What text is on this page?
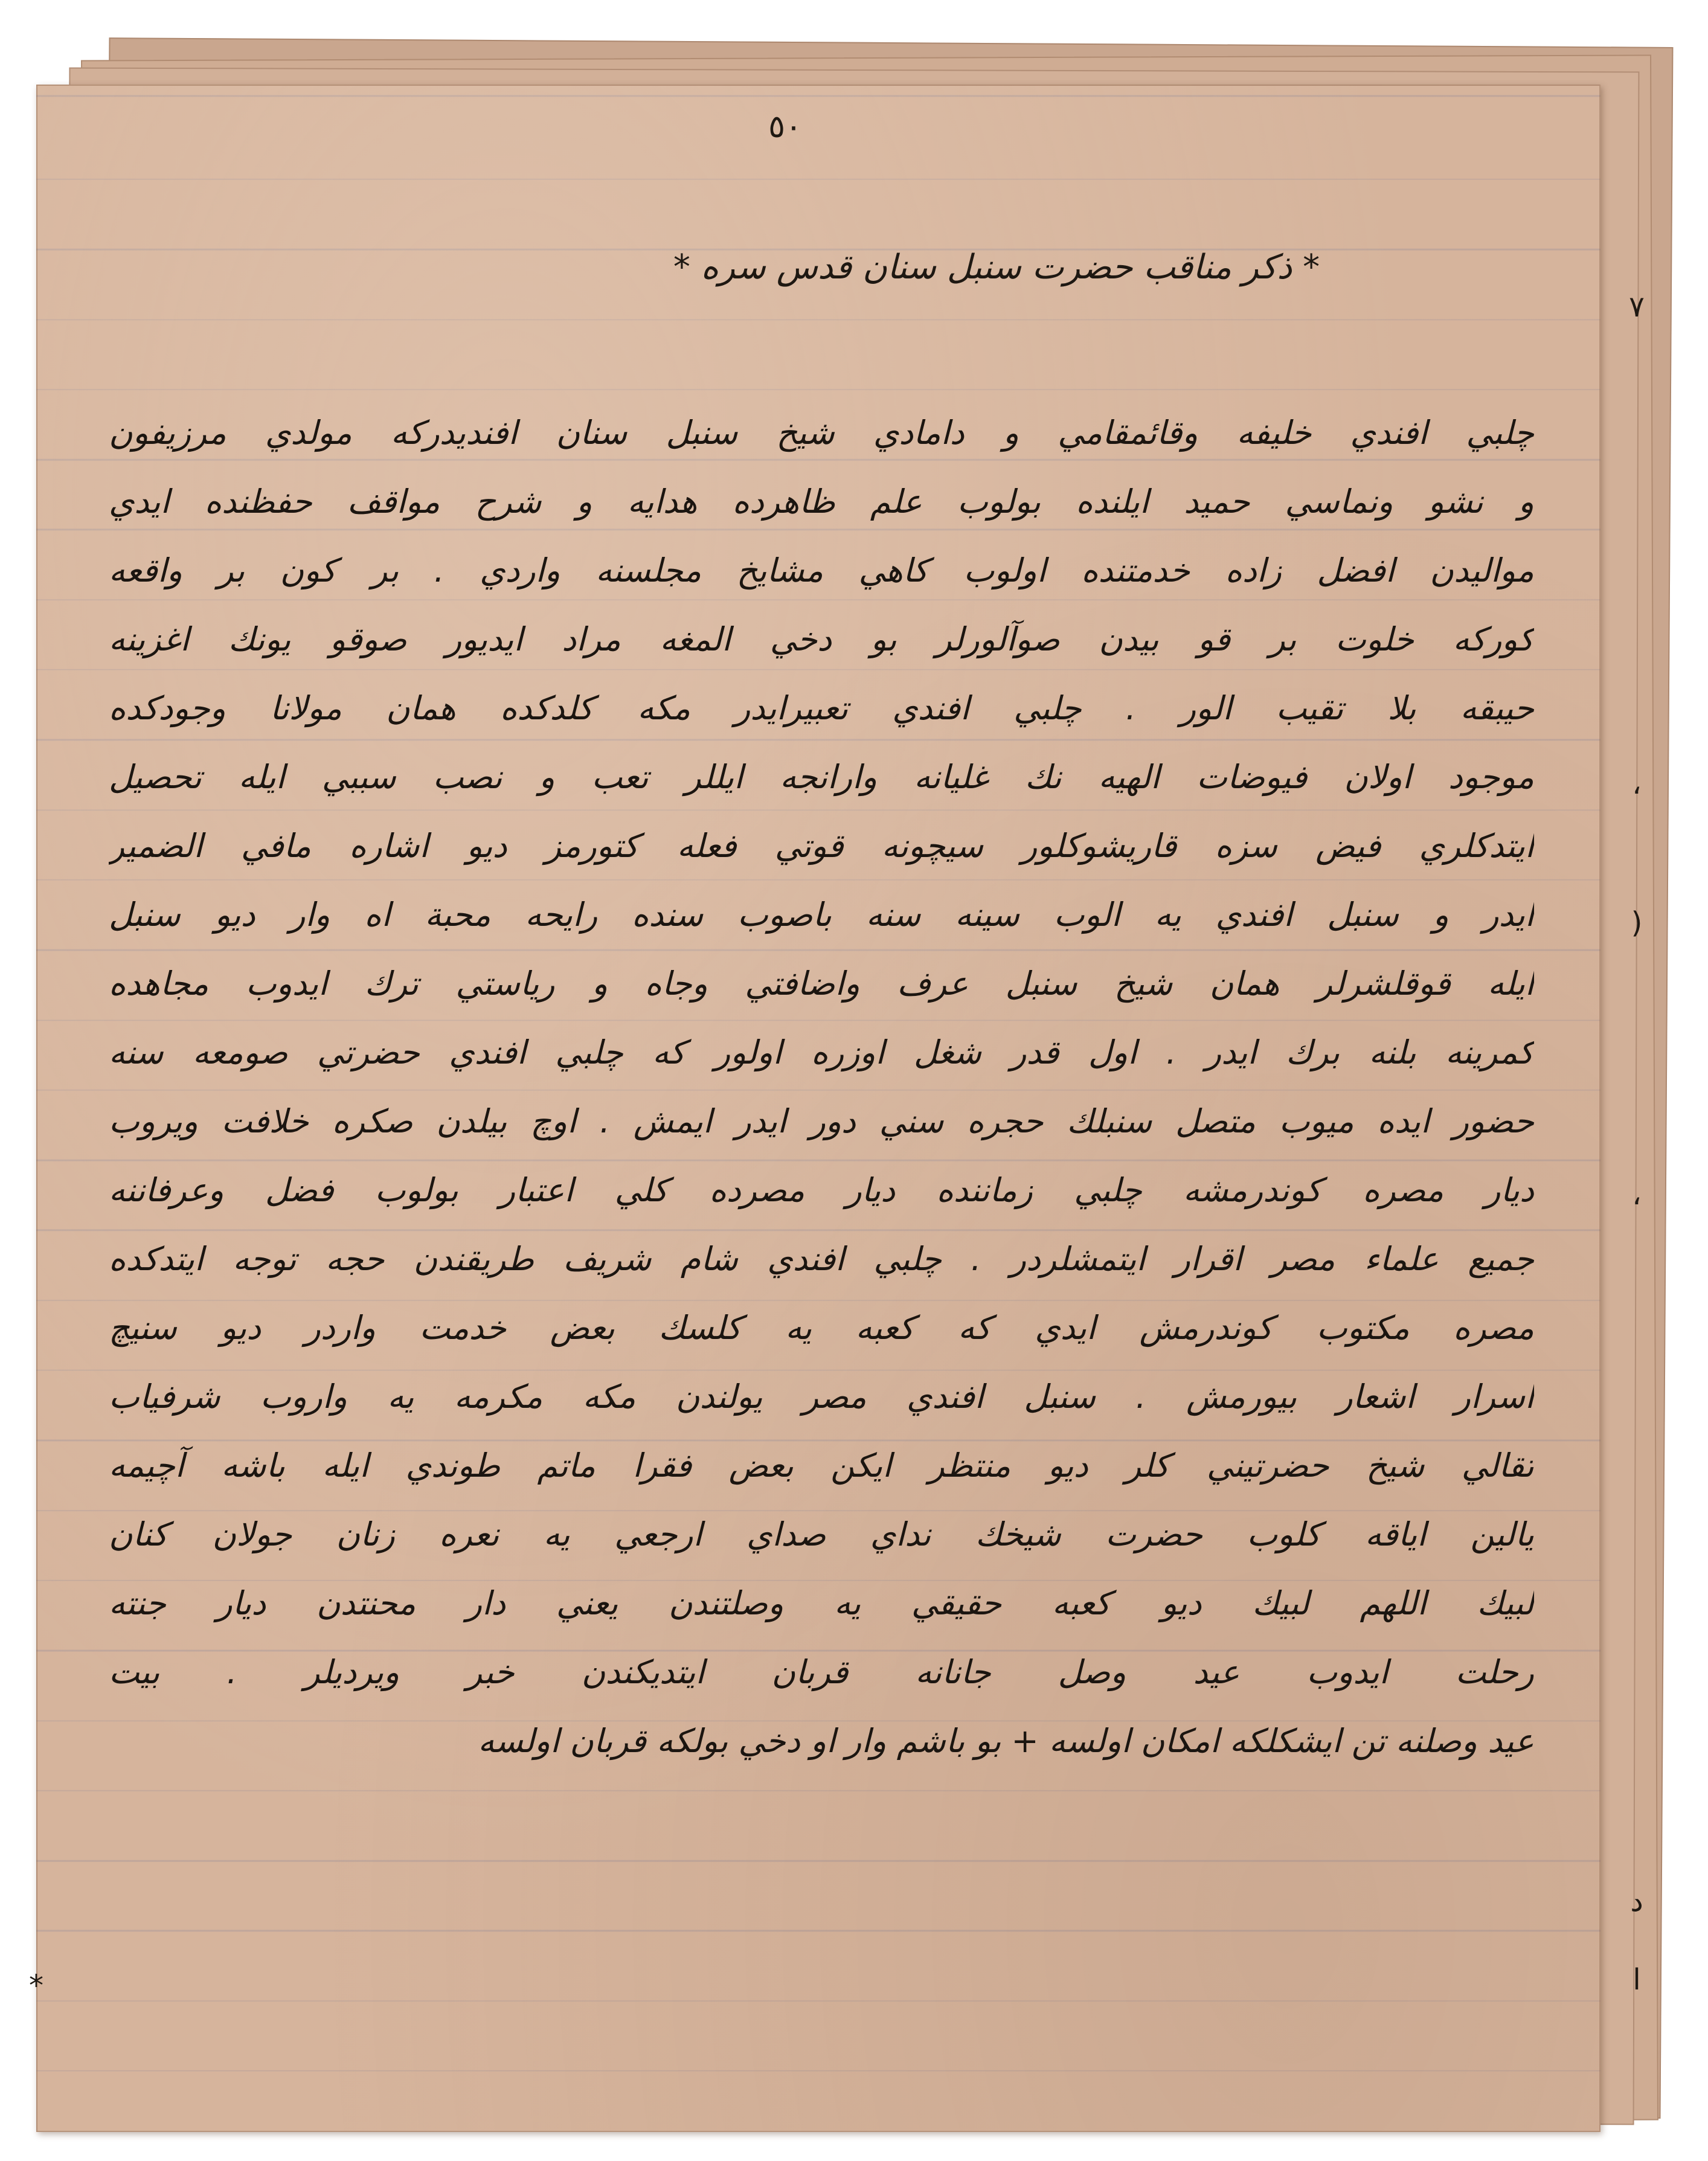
٥٠
* ذكر مناقب حضرت سنبل سنان قدس سره *
چلبي افندي خليفه وقائمقامي و دامادي شيخ سنبل سنان افنديدركه مولدي مرزيفون
و نشو ونماسي حميد ايلنده بولوب علم ظاهرده هدايه و شرح مواقف حفظنده ايدي
مواليدن افضل زاده خدمتنده اولوب كاهي مشايخ مجلسنه واردي . بر كون بر واقعه
كوركه خلوت بر قو بيدن صوآلورلر بو دخي المغه مراد ايديور صوقو يونك اغزينه
حيبقه بلا تقيب الور . چلبي افندي تعبيرايدر مكه كلدكده همان مولانا وجودكده
موجود اولان فيوضات الهيه نك غليانه وارانجه ايللر تعب و نصب سببي ايله تحصيل
ايتدكلري فيض سزه قاريشوكلور سيچونه قوتي فعله كتورمز ديو اشاره مافي الضمير
ايدر و سنبل افندي يه الوب سينه سنه باصوب سنده رايحه محبة اه وار ديو سنبل
ايله قوقلشرلر همان شيخ سنبل عرف واضافتي وجاه و رياستي ترك ايدوب مجاهده
كمرينه بلنه برك ايدر . اول قدر شغل اوزره اولور كه چلبي افندي حضرتي صومعه سنه
حضور ايده ميوب متصل سنبلك حجره سني دور ايدر ايمش . اوچ بيلدن صكره خلافت ويروب
ديار مصره كوندرمشه چلبي زماننده ديار مصرده كلي اعتبار بولوب فضل وعرفاننه
جميع علماء مصر اقرار ايتمشلردر . چلبي افندي شام شريف طريقندن حجه توجه ايتدكده
مصره مكتوب كوندرمش ايدي كه كعبه يه كلسك بعض خدمت واردر ديو سنيچ
اسرار اشعار بيورمش . سنبل افندي مصر يولندن مكه مكرمه يه واروب شرفياب
تقالي شيخ حضرتيني كلر ديو منتظر ايكن بعض فقرا ماتم طوندي ايله باشه آچيمه
يالين اياقه كلوب حضرت شيخك نداي صداي ارجعي يه نعره زنان جولان كنان
لبيك اللهم لبيك ديو كعبه حقيقي يه وصلتندن يعني دار محنتدن ديار جنته
رحلت ايدوب عيد وصل جانانه قربان ايتديكندن خبر ويرديلر . بيت
عيد وصلنه تن ايشكلكه امكان اولسه + بو باشم وار او دخي بولكه قربان اولسه
٧
،
)
،
د
ا
*
